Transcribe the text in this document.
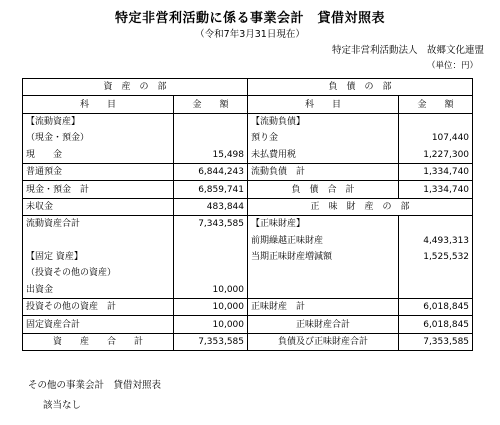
特定非営利活動に係る事業会計　貸借対照表
（令和7年3月31日現在）
特定非営利活動法人　故郷文化連盟
（単位：円）
資　産　の　部		負　債　の　部	
科　　目	金　　額	科　　目	金　　額
【流動資産】		【流動負債】	
（現金・預金）		預り金	107,440
現　　金	15,498	未払費用税	1,227,300
普通預金	6,844,243	流動負債　計	1,334,740
現金・預金　計	6,859,741	負　債　合　計	1,334,740
未収金	483,844	正　味　財　産　の　部	
流動資産合計	7,343,585	【正味財産】	
		前期繰越正味財産	4,493,313
【固定 資産】		当期正味財産増減額	1,525,532
（投資その他の資産）			
出資金	10,000		
投資その他の資産　計	10,000	正味財産　計	6,018,845
固定資産合計	10,000	正味財産合計	6,018,845
資　　産　　合　　計	7,353,585	負債及び正味財産合計	7,353,585
その他の事業会計　貸借対照表
該当なし
